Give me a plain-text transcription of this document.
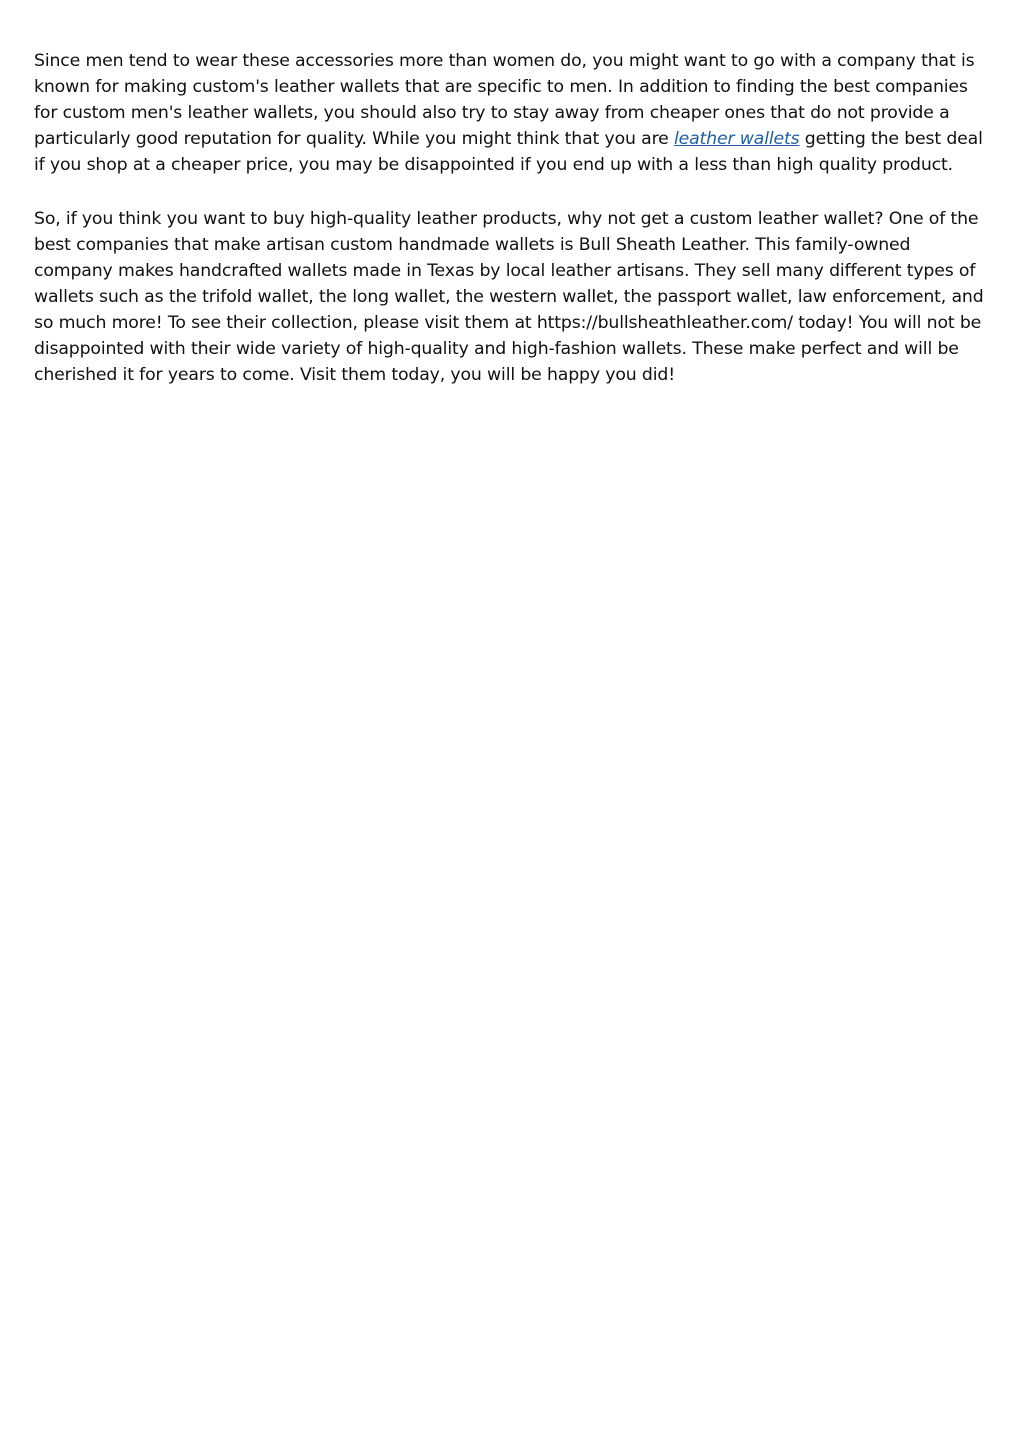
Since men tend to wear these accessories more than women do, you might want to go with a company that is known for making custom's leather wallets that are specific to men. In addition to finding the best companies for custom men's leather wallets, you should also try to stay away from cheaper ones that do not provide a particularly good reputation for quality. While you might think that you are leather wallets getting the best deal if you shop at a cheaper price, you may be disappointed if you end up with a less than high quality product.

So, if you think you want to buy high-quality leather products, why not get a custom leather wallet? One of the best companies that make artisan custom handmade wallets is Bull Sheath Leather. This family-owned company makes handcrafted wallets made in Texas by local leather artisans. They sell many different types of wallets such as the trifold wallet, the long wallet, the western wallet, the passport wallet, law enforcement, and so much more! To see their collection, please visit them at https://bullsheathleather.com/ today! You will not be disappointed with their wide variety of high-quality and high-fashion wallets. These make perfect and will be cherished it for years to come. Visit them today, you will be happy you did!
